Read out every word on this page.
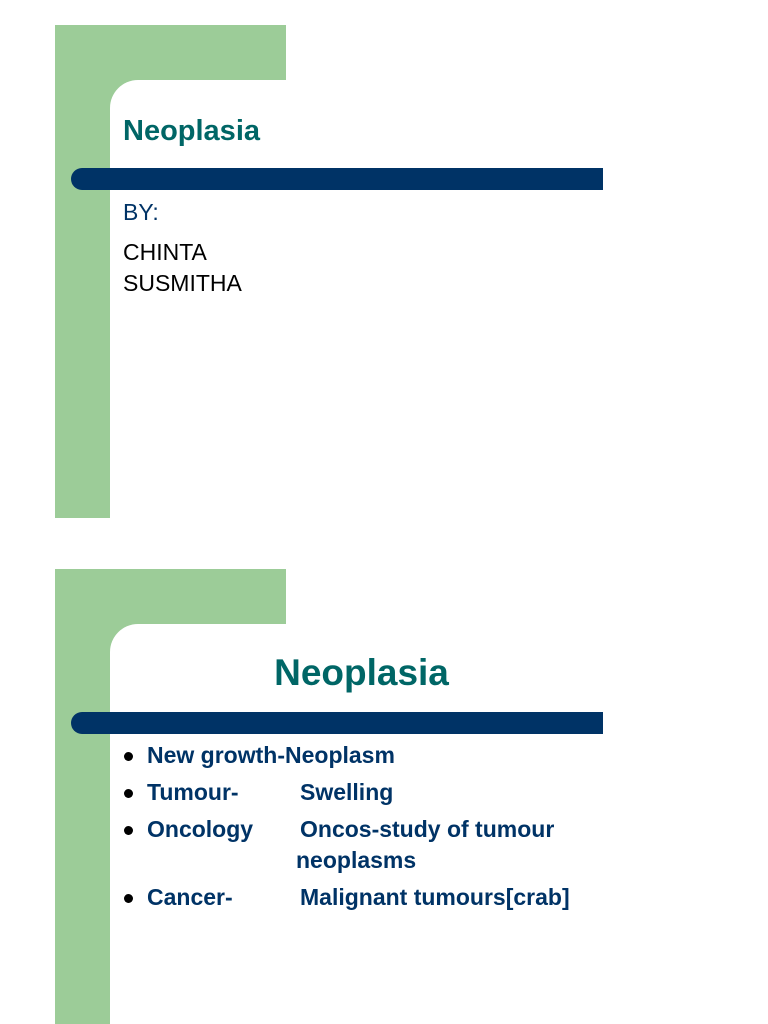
Neoplasia

BY:

CHINTA
SUSMITHA

Neoplasia
New growth-Neoplasm
Tumour-	Swelling
Oncology Oncos-study of tumour
neoplasms
Cancer-	Malignant tumours[crab]
